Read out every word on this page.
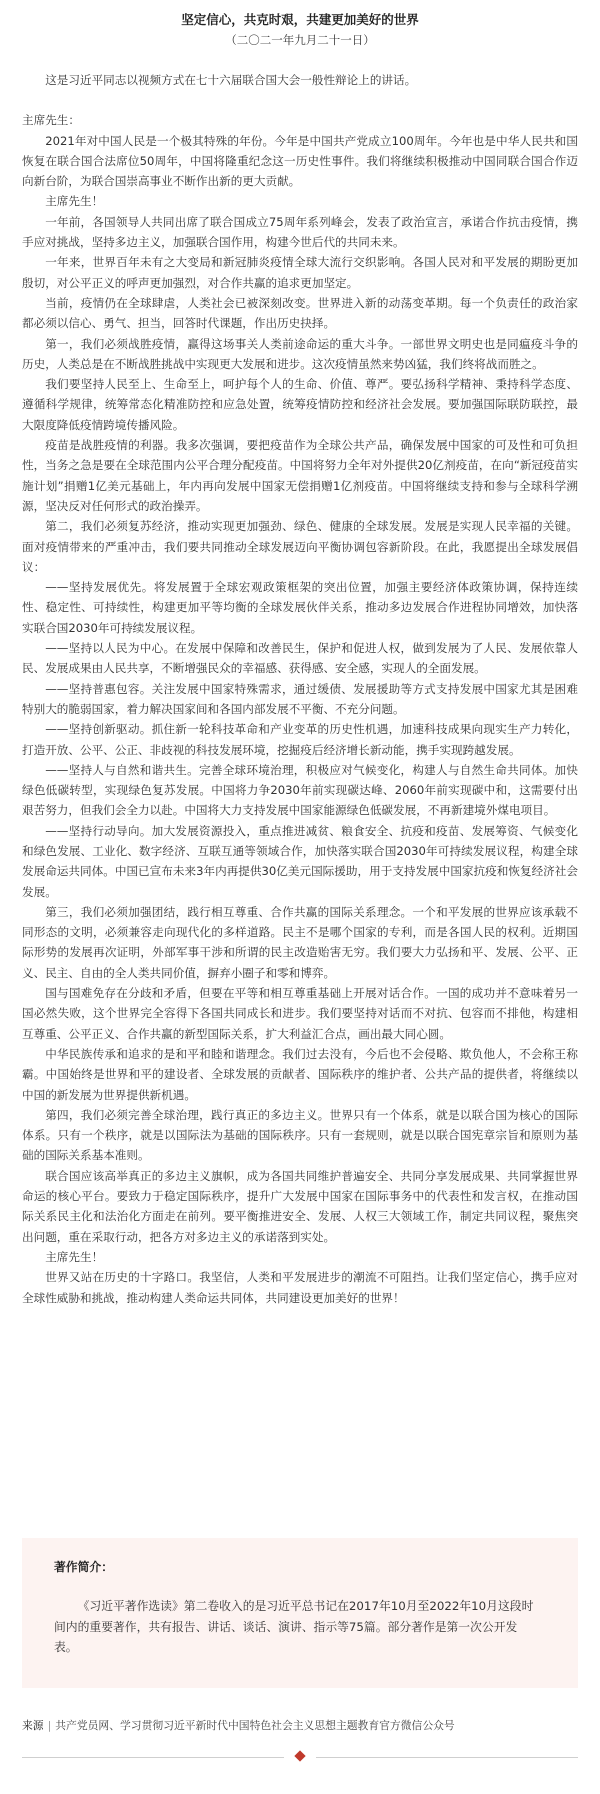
坚定信心，共克时艰，共建更加美好的世界
（二〇二一年九月二十一日）

这是习近平同志以视频方式在七十六届联合国大会一般性辩论上的讲话。

主席先生：

2021年对中国人民是一个极其特殊的年份。今年是中国共产党成立100周年。今年也是中华人民共和国恢复在联合国合法席位50周年，中国将隆重纪念这一历史性事件。我们将继续积极推动中国同联合国合作迈向新台阶，为联合国崇高事业不断作出新的更大贡献。

主席先生！

一年前，各国领导人共同出席了联合国成立75周年系列峰会，发表了政治宣言，承诺合作抗击疫情，携手应对挑战，坚持多边主义，加强联合国作用，构建今世后代的共同未来。

一年来，世界百年未有之大变局和新冠肺炎疫情全球大流行交织影响。各国人民对和平发展的期盼更加殷切，对公平正义的呼声更加强烈，对合作共赢的追求更加坚定。

当前，疫情仍在全球肆虐，人类社会已被深刻改变。世界进入新的动荡变革期。每一个负责任的政治家都必须以信心、勇气、担当，回答时代课题，作出历史抉择。

第一，我们必须战胜疫情，赢得这场事关人类前途命运的重大斗争。一部世界文明史也是同瘟疫斗争的历史，人类总是在不断战胜挑战中实现更大发展和进步。这次疫情虽然来势凶猛，我们终将战而胜之。

我们要坚持人民至上、生命至上，呵护每个人的生命、价值、尊严。要弘扬科学精神、秉持科学态度、遵循科学规律，统筹常态化精准防控和应急处置，统筹疫情防控和经济社会发展。要加强国际联防联控，最大限度降低疫情跨境传播风险。

疫苗是战胜疫情的利器。我多次强调，要把疫苗作为全球公共产品，确保发展中国家的可及性和可负担性，当务之急是要在全球范围内公平合理分配疫苗。中国将努力全年对外提供20亿剂疫苗，在向“新冠疫苗实施计划”捐赠1亿美元基础上，年内再向发展中国家无偿捐赠1亿剂疫苗。中国将继续支持和参与全球科学溯源，坚决反对任何形式的政治操弄。

第二，我们必须复苏经济，推动实现更加强劲、绿色、健康的全球发展。发展是实现人民幸福的关键。面对疫情带来的严重冲击，我们要共同推动全球发展迈向平衡协调包容新阶段。在此，我愿提出全球发展倡议：

——坚持发展优先。将发展置于全球宏观政策框架的突出位置，加强主要经济体政策协调，保持连续性、稳定性、可持续性，构建更加平等均衡的全球发展伙伴关系，推动多边发展合作进程协同增效，加快落实联合国2030年可持续发展议程。

——坚持以人民为中心。在发展中保障和改善民生，保护和促进人权，做到发展为了人民、发展依靠人民、发展成果由人民共享，不断增强民众的幸福感、获得感、安全感，实现人的全面发展。

——坚持普惠包容。关注发展中国家特殊需求，通过缓债、发展援助等方式支持发展中国家尤其是困难特别大的脆弱国家，着力解决国家间和各国内部发展不平衡、不充分问题。

——坚持创新驱动。抓住新一轮科技革命和产业变革的历史性机遇，加速科技成果向现实生产力转化，打造开放、公平、公正、非歧视的科技发展环境，挖掘疫后经济增长新动能，携手实现跨越发展。

——坚持人与自然和谐共生。完善全球环境治理，积极应对气候变化，构建人与自然生命共同体。加快绿色低碳转型，实现绿色复苏发展。中国将力争2030年前实现碳达峰、2060年前实现碳中和，这需要付出艰苦努力，但我们会全力以赴。中国将大力支持发展中国家能源绿色低碳发展，不再新建境外煤电项目。

——坚持行动导向。加大发展资源投入，重点推进减贫、粮食安全、抗疫和疫苗、发展筹资、气候变化和绿色发展、工业化、数字经济、互联互通等领域合作，加快落实联合国2030年可持续发展议程，构建全球发展命运共同体。中国已宣布未来3年内再提供30亿美元国际援助，用于支持发展中国家抗疫和恢复经济社会发展。

第三，我们必须加强团结，践行相互尊重、合作共赢的国际关系理念。一个和平发展的世界应该承载不同形态的文明，必须兼容走向现代化的多样道路。民主不是哪个国家的专利，而是各国人民的权利。近期国际形势的发展再次证明，外部军事干涉和所谓的民主改造贻害无穷。我们要大力弘扬和平、发展、公平、正义、民主、自由的全人类共同价值，摒弃小圈子和零和博弈。

国与国难免存在分歧和矛盾，但要在平等和相互尊重基础上开展对话合作。一国的成功并不意味着另一国必然失败，这个世界完全容得下各国共同成长和进步。我们要坚持对话而不对抗、包容而不排他，构建相互尊重、公平正义、合作共赢的新型国际关系，扩大利益汇合点，画出最大同心圆。

中华民族传承和追求的是和平和睦和谐理念。我们过去没有，今后也不会侵略、欺负他人，不会称王称霸。中国始终是世界和平的建设者、全球发展的贡献者、国际秩序的维护者、公共产品的提供者，将继续以中国的新发展为世界提供新机遇。

第四，我们必须完善全球治理，践行真正的多边主义。世界只有一个体系，就是以联合国为核心的国际体系。只有一个秩序，就是以国际法为基础的国际秩序。只有一套规则，就是以联合国宪章宗旨和原则为基础的国际关系基本准则。

联合国应该高举真正的多边主义旗帜，成为各国共同维护普遍安全、共同分享发展成果、共同掌握世界命运的核心平台。要致力于稳定国际秩序，提升广大发展中国家在国际事务中的代表性和发言权，在推动国际关系民主化和法治化方面走在前列。要平衡推进安全、发展、人权三大领域工作，制定共同议程，聚焦突出问题，重在采取行动，把各方对多边主义的承诺落到实处。

主席先生！

世界又站在历史的十字路口。我坚信，人类和平发展进步的潮流不可阻挡。让我们坚定信心，携手应对全球性威胁和挑战，推动构建人类命运共同体，共同建设更加美好的世界！

著作简介：

《习近平著作选读》第二卷收入的是习近平总书记在2017年10月至2022年10月这段时间内的重要著作，共有报告、讲话、谈话、演讲、指示等75篇。部分著作是第一次公开发表。

来源 | 共产党员网、学习贯彻习近平新时代中国特色社会主义思想主题教育官方微信公众号
